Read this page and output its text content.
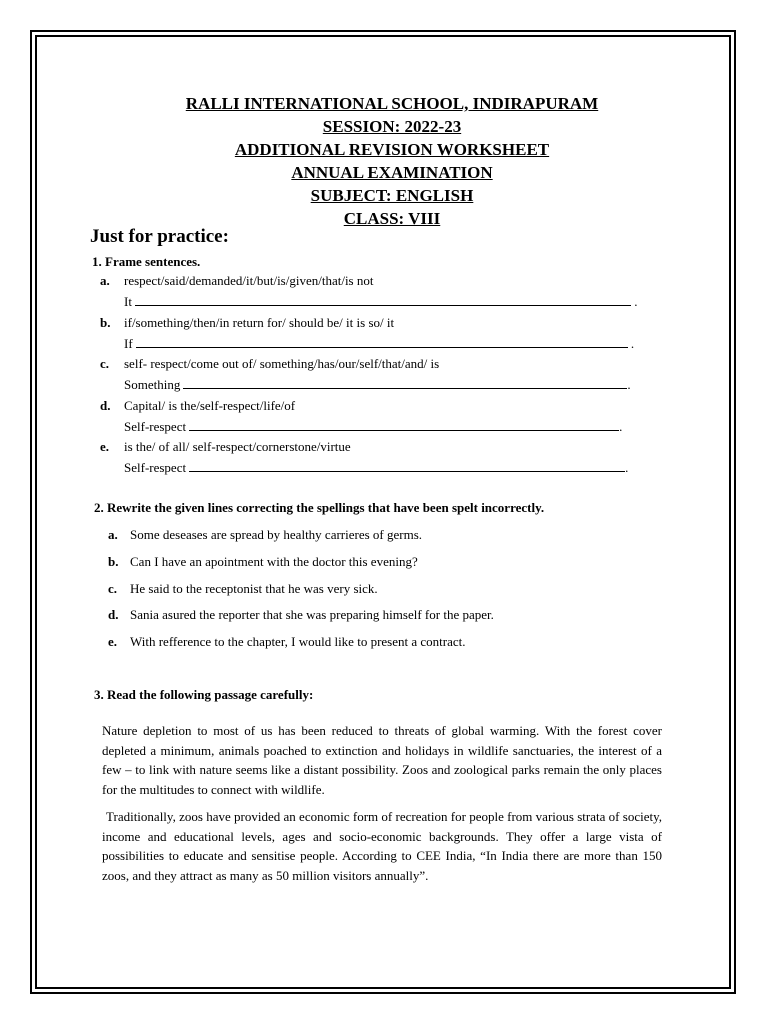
RALLI INTERNATIONAL SCHOOL, INDIRAPURAM
SESSION: 2022-23
ADDITIONAL REVISION WORKSHEET
ANNUAL EXAMINATION
SUBJECT: ENGLISH
CLASS: VIII
Just for practice:
1. Frame sentences.
a.	respect/said/demanded/it/but/is/given/that/is not
It	.
b.	if/something/then/in return for/ should be/ it is so/ it
If	.
c.	self- respect/come out of/ something/has/our/self/that/and/ is
Something	.
d.	Capital/ is the/self-respect/life/of
Self-respect	.
e.	is the/ of all/ self-respect/cornerstone/virtue
Self-respect	.
2. Rewrite the given lines correcting the spellings that have been spelt incorrectly.
a. Some deseases are spread by healthy carrieres of germs.
b. Can I have an apointment with the doctor this evening?
c. He said to the receptonist that he was very sick.
d. Sania asured the reporter that she was preparing himself for the paper.
e. With refference to the chapter, I would like to present a contract.
3. Read the following passage carefully:
Nature depletion to most of us has been reduced to threats of global warming. With the forest cover depleted a minimum, animals poached to extinction and holidays in wildlife sanctuaries, the interest of a few – to link with nature seems like a distant possibility. Zoos and zoological parks remain the only places for the multitudes to connect with wildlife.
Traditionally, zoos have provided an economic form of recreation for people from various strata of society, income and educational levels, ages and socio-economic backgrounds. They offer a large vista of possibilities to educate and sensitise people. According to CEE India, “In India there are more than 150 zoos, and they attract as many as 50 million visitors annually”.
